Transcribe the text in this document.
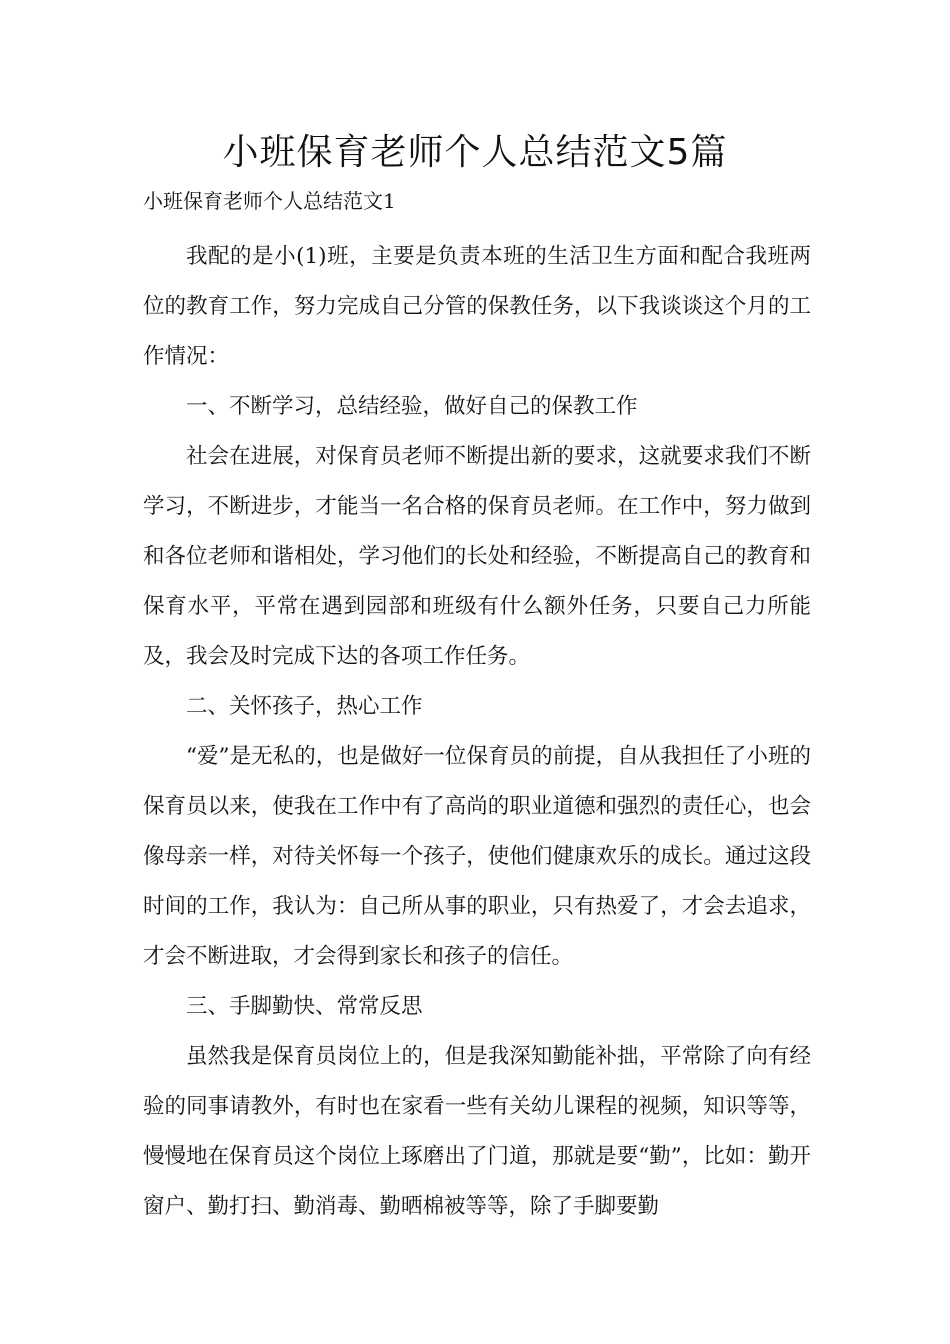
小班保育老师个人总结范文5篇

小班保育老师个人总结范文1

我配的是小(1)班，主要是负责本班的生活卫生方面和配合我班两位的教育工作，努力完成自己分管的保教任务，以下我谈谈这个月的工作情况：

一、不断学习，总结经验，做好自己的保教工作

社会在进展，对保育员老师不断提出新的要求，这就要求我们不断学习，不断进步，才能当一名合格的保育员老师。在工作中，努力做到和各位老师和谐相处，学习他们的长处和经验，不断提高自己的教育和保育水平，平常在遇到园部和班级有什么额外任务，只要自己力所能及，我会及时完成下达的各项工作任务。

二、关怀孩子，热心工作

“爱”是无私的，也是做好一位保育员的前提，自从我担任了小班的保育员以来，使我在工作中有了高尚的职业道德和强烈的责任心，也会像母亲一样，对待关怀每一个孩子，使他们健康欢乐的成长。通过这段时间的工作，我认为：自己所从事的职业，只有热爱了，才会去追求，才会不断进取，才会得到家长和孩子的信任。

三、手脚勤快、常常反思

虽然我是保育员岗位上的，但是我深知勤能补拙，平常除了向有经验的同事请教外，有时也在家看一些有关幼儿课程的视频，知识等等，慢慢地在保育员这个岗位上琢磨出了门道，那就是要“勤”，比如：勤开窗户、勤打扫、勤消毒、勤晒棉被等等，除了手脚要勤
